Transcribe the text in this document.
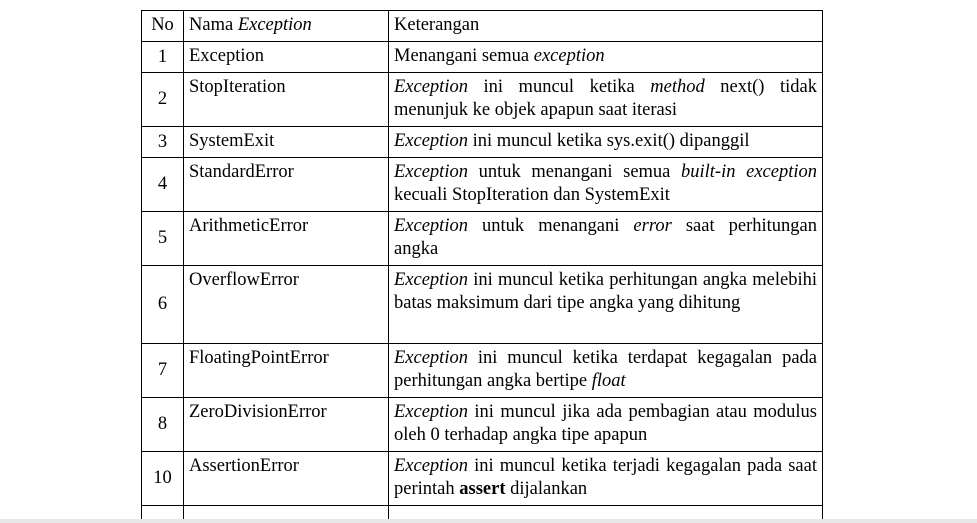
No	Nama Exception	Keterangan
1	Exception	Menangani semua exception
2	StopIteration	Exception ini muncul ketika method next() tidak menunjuk ke objek apapun saat iterasi
3	SystemExit	Exception ini muncul ketika sys.exit() dipanggil
4	StandardError	Exception untuk menangani semua built-in exception kecuali StopIteration dan SystemExit
5	ArithmeticError	Exception untuk menangani error saat perhitungan angka
6	OverflowError	Exception ini muncul ketika perhitungan angka melebihi batas maksimum dari tipe angka yang dihitung
7	FloatingPointError	Exception ini muncul ketika terdapat kegagalan pada perhitungan angka bertipe float
8	ZeroDivisionError	Exception ini muncul jika ada pembagian atau modulus oleh 0 terhadap angka tipe apapun
10	AssertionError	Exception ini muncul ketika terjadi kegagalan pada saat perintah assert dijalankan
